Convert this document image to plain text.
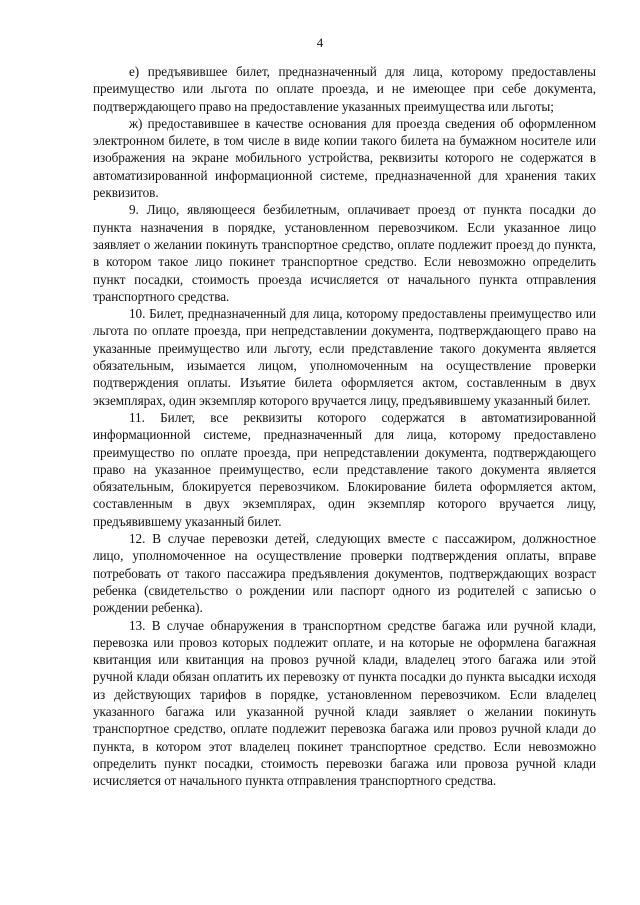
4

е) предъявившее билет, предназначенный для лица, которому предоставлены преимущество или льгота по оплате проезда, и не имеющее при себе документа, подтверждающего право на предоставление указанных преимущества или льготы;

ж) предоставившее в качестве основания для проезда сведения об оформленном электронном билете, в том числе в виде копии такого билета на бумажном носителе или изображения на экране мобильного устройства, реквизиты которого не содержатся в автоматизированной информационной системе, предназначенной для хранения таких реквизитов.

9. Лицо, являющееся безбилетным, оплачивает проезд от пункта посадки до пункта назначения в порядке, установленном перевозчиком. Если указанное лицо заявляет о желании покинуть транспортное средство, оплате подлежит проезд до пункта, в котором такое лицо покинет транспортное средство. Если невозможно определить пункт посадки, стоимость проезда исчисляется от начального пункта отправления транспортного средства.

10. Билет, предназначенный для лица, которому предоставлены преимущество или льгота по оплате проезда, при непредставлении документа, подтверждающего право на указанные преимущество или льготу, если представление такого документа является обязательным, изымается лицом, уполномоченным на осуществление проверки подтверждения оплаты. Изъятие билета оформляется актом, составленным в двух экземплярах, один экземпляр которого вручается лицу, предъявившему указанный билет.

11. Билет, все реквизиты которого содержатся в автоматизированной информационной системе, предназначенный для лица, которому предоставлено преимущество по оплате проезда, при непредставлении документа, подтверждающего право на указанное преимущество, если представление такого документа является обязательным, блокируется перевозчиком. Блокирование билета оформляется актом, составленным в двух экземплярах, один экземпляр которого вручается лицу, предъявившему указанный билет.

12. В случае перевозки детей, следующих вместе с пассажиром, должностное лицо, уполномоченное на осуществление проверки подтверждения оплаты, вправе потребовать от такого пассажира предъявления документов, подтверждающих возраст ребенка (свидетельство о рождении или паспорт одного из родителей с записью о рождении ребенка).

13. В случае обнаружения в транспортном средстве багажа или ручной клади, перевозка или провоз которых подлежит оплате, и на которые не оформлена багажная квитанция или квитанция на провоз ручной клади, владелец этого багажа или этой ручной клади обязан оплатить их перевозку от пункта посадки до пункта высадки исходя из действующих тарифов в порядке, установленном перевозчиком. Если владелец указанного багажа или указанной ручной клади заявляет о желании покинуть транспортное средство, оплате подлежит перевозка багажа или провоз ручной клади до пункта, в котором этот владелец покинет транспортное средство. Если невозможно определить пункт посадки, стоимость перевозки багажа или провоза ручной клади исчисляется от начального пункта отправления транспортного средства.
